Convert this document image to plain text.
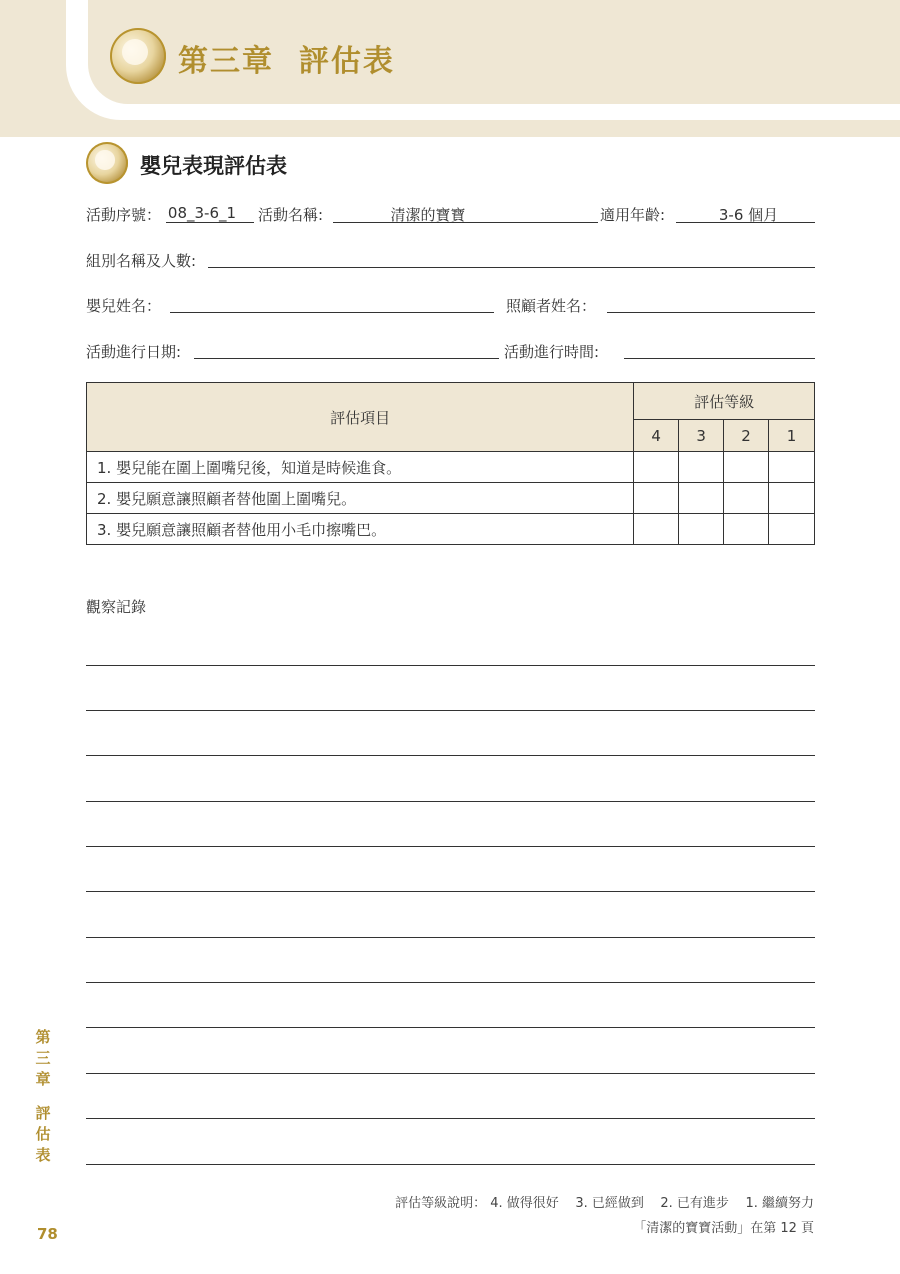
第三章  評估表
嬰兒表現評估表
活動序號： 08_3-6_1 活動名稱:	清潔的寶寶	適用年齡:	3-6 個月
組別名稱及人數:
嬰兒姓名：	照顧者姓名：
活動進行日期:	活動進行時間:
評估項目	評估等級			
	4	3	2	1
1. 嬰兒能在圍上圍嘴兒後，知道是時候進食。				
2. 嬰兒願意讓照顧者替他圍上圍嘴兒。				
3. 嬰兒願意讓照顧者替他用小毛巾擦嘴巴。				
觀察記錄
第
三
章
評
估
表
評估等級說明： 4. 做得很好    3. 已經做到    2. 已有進步    1. 繼續努力
「清潔的寶寶活動」在第 12 頁
78
